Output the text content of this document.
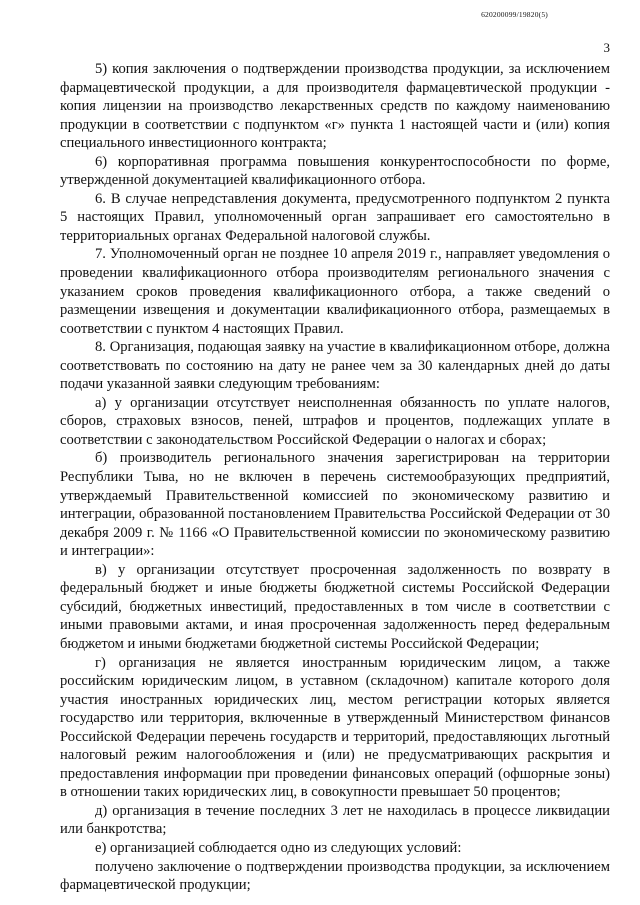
620200099/19820(5)
3

5) копия заключения о подтверждении производства продукции, за исключением фармацевтической продукции, а для производителя фармацевтической продукции - копия лицензии на производство лекарственных средств по каждому наименованию продукции в соответствии с подпунктом «г» пункта 1 настоящей части и (или) копия специального инвестиционного контракта;

6) корпоративная программа повышения конкурентоспособности по форме, утвержденной документацией квалификационного отбора.

6. В случае непредставления документа, предусмотренного подпунктом 2 пункта 5 настоящих Правил, уполномоченный орган запрашивает его самостоятельно в территориальных органах Федеральной налоговой службы.

7. Уполномоченный орган не позднее 10 апреля 2019 г., направляет уведомления о проведении квалификационного отбора производителям регионального значения с указанием сроков проведения квалификационного отбора, а также сведений о размещении извещения и документации квалификационного отбора, размещаемых в соответствии с пунктом 4 настоящих Правил.

8. Организация, подающая заявку на участие в квалификационном отборе, должна соответствовать по состоянию на дату не ранее чем за 30 календарных дней до даты подачи указанной заявки следующим требованиям:

а) у организации отсутствует неисполненная обязанность по уплате налогов, сборов, страховых взносов, пеней, штрафов и процентов, подлежащих уплате в соответствии с законодательством Российской Федерации о налогах и сборах;

б) производитель регионального значения зарегистрирован на территории Республики Тыва, но не включен в перечень системообразующих предприятий, утверждаемый Правительственной комиссией по экономическому развитию и интеграции, образованной постановлением Правительства Российской Федерации от 30 декабря 2009 г. № 1166 «О Правительственной комиссии по экономическому развитию и интеграции»:

в) у организации отсутствует просроченная задолженность по возврату в федеральный бюджет и иные бюджеты бюджетной системы Российской Федерации субсидий, бюджетных инвестиций, предоставленных в том числе в соответствии с иными правовыми актами, и иная просроченная задолженность перед федеральным бюджетом и иными бюджетами бюджетной системы Российской Федерации;

г) организация не является иностранным юридическим лицом, а также российским юридическим лицом, в уставном (складочном) капитале которого доля участия иностранных юридических лиц, местом регистрации которых является государство или территория, включенные в утвержденный Министерством финансов Российской Федерации перечень государств и территорий, предоставляющих льготный налоговый режим налогообложения и (или) не предусматривающих раскрытия и предоставления информации при проведении финансовых операций (офшорные зоны) в отношении таких юридических лиц, в совокупности превышает 50 процентов;

д) организация в течение последних 3 лет не находилась в процессе ликвидации или банкротства;

е) организацией соблюдается одно из следующих условий:

получено заключение о подтверждении производства продукции, за исключением фармацевтической продукции;
